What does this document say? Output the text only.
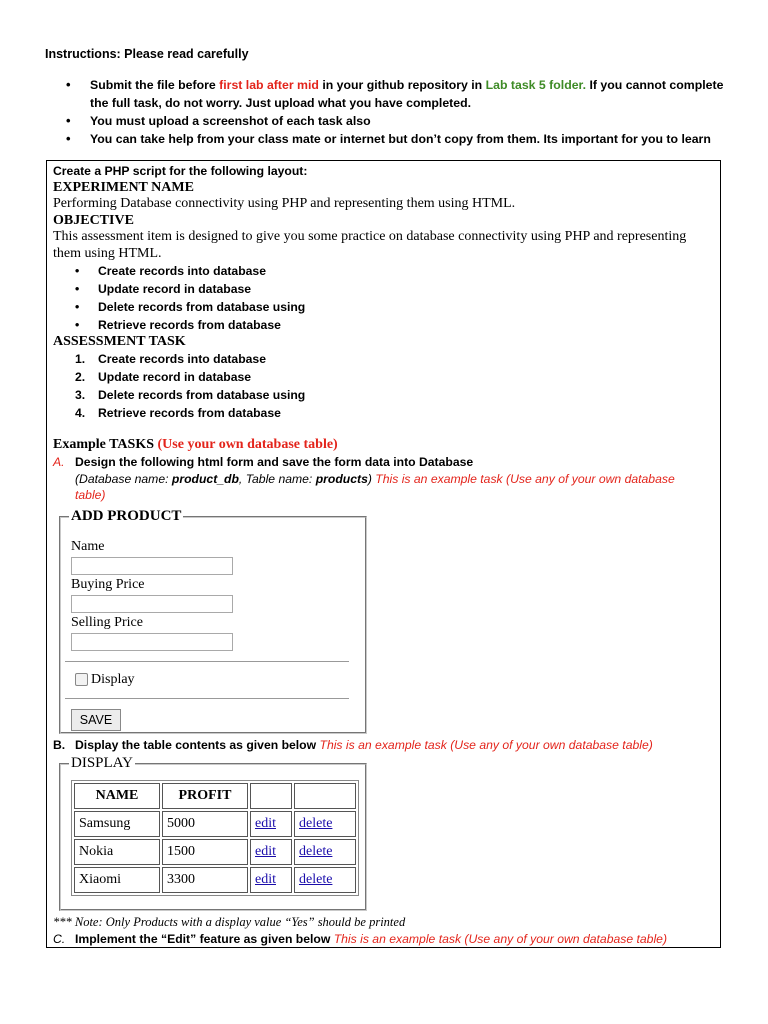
Instructions: Please read carefully
• Submit the file before first lab after mid in your github repository in Lab task 5 folder. If you cannot complete the full task, do not worry. Just upload what you have completed.
• You must upload a screenshot of each task also
• You can take help from your class mate or internet but don’t copy from them. Its important for you to learn
Create a PHP script for the following layout:
EXPERIMENT NAME
Performing Database connectivity using PHP and representing them using HTML.
OBJECTIVE
This assessment item is designed to give you some practice on database connectivity using PHP and representing them using HTML.
• Create records into database
• Update record in database
• Delete records from database using
• Retrieve records from database
ASSESSMENT TASK
1. Create records into database
2. Update record in database
3. Delete records from database using
4. Retrieve records from database
Example TASKS (Use your own database table)
A. Design the following html form and save the form data into Database
(Database name: product_db, Table name: products) This is an example task (Use any of your own database table)
ADD PRODUCT
Name
Buying Price
Selling Price
Display
SAVE
B. Display the table contents as given below This is an example task (Use any of your own database table)
DISPLAY
NAME	PROFIT		
Samsung	5000	edit	delete
Nokia	1500	edit	delete
Xiaomi	3300	edit	delete
*** Note: Only Products with a display value “Yes” should be printed
C. Implement the “Edit” feature as given below This is an example task (Use any of your own database table)
